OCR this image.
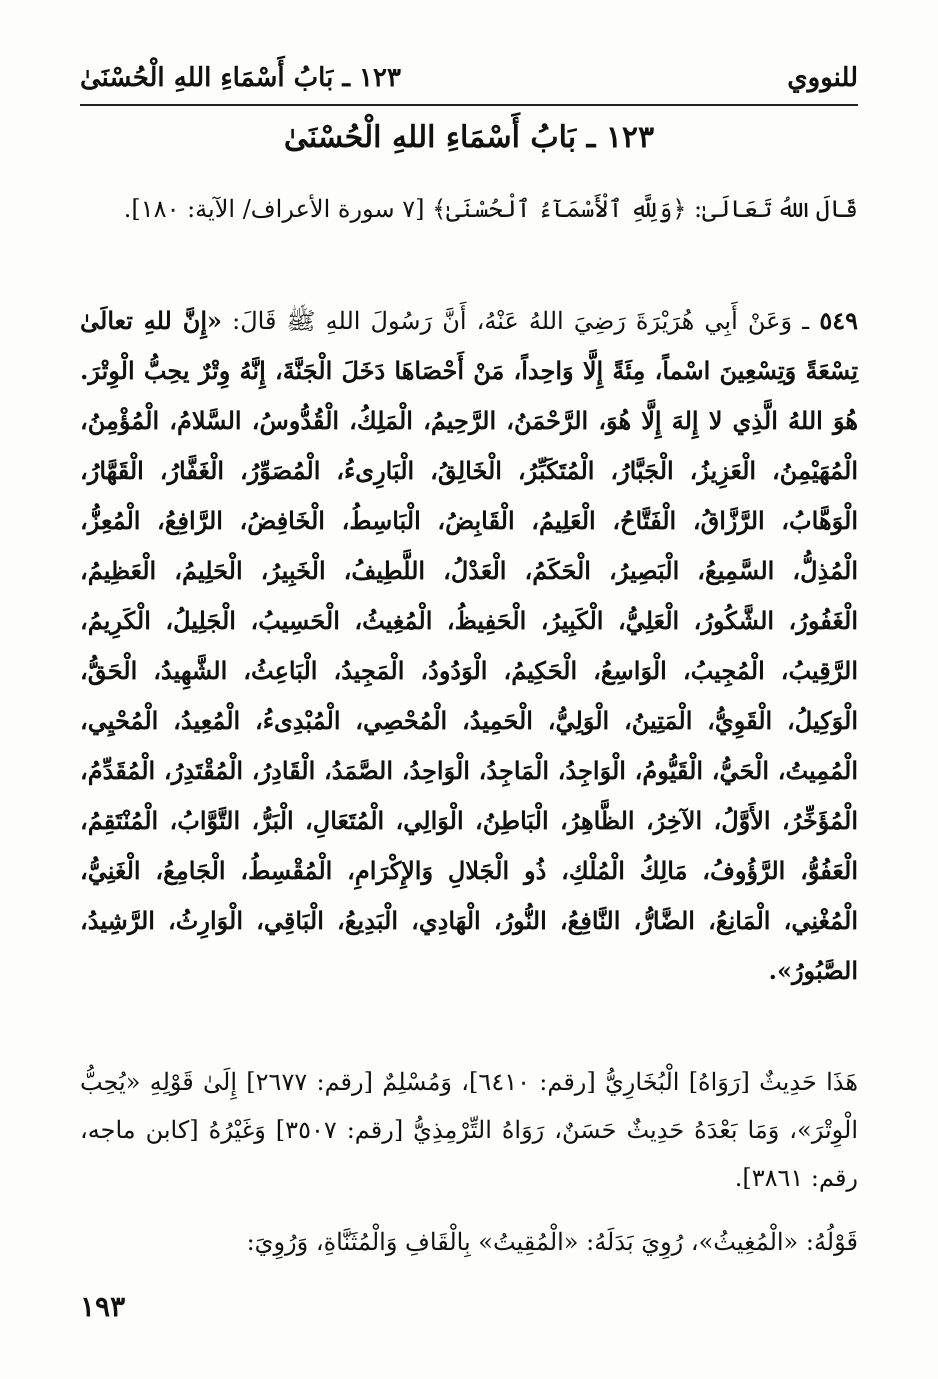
١٢٣ ـ بَابُ أَسْمَاءِ اللهِ الْحُسْنَىٰ	للنووي
١٢٣ ـ بَابُ أَسْمَاءِ اللهِ الْحُسْنَىٰ
قَالَ اللهُ تَعَالَىٰ: ﴿وَلِلَّهِ ٱلْأَسْمَآءُ ٱلْحُسْنَىٰ﴾ [٧ سورة الأعراف/ الآية: ١٨٠].
٥٤٩ ـ وَعَنْ أَبِي هُرَيْرَةَ رَضِيَ اللهُ عَنْهُ، أَنَّ رَسُولَ اللهِ ﷺ قَالَ: «إِنَّ للهِ تعالَىٰ تِسْعَةً وَتِسْعِينَ اسْماً، مِئَةً إِلَّا وَاحِداً، مَنْ أَحْصَاهَا دَخَلَ الْجَنَّةَ، إِنَّهُ وِتْرٌ يحِبُّ الْوِتْرَ. هُوَ اللهُ الَّذِي لا إِلهَ إِلَّا هُوَ، الرَّحْمَنُ، الرَّحِيمُ، الْمَلِكُ، الْقُدُّوسُ، السَّلامُ، الْمُؤْمِنُ، الْمُهَيْمِنُ، الْعَزِيزُ، الْجَبَّارُ، الْمُتَكَبِّرُ، الْخَالِقُ، الْبَارِىءُ، الْمُصَوِّرُ، الْغَفَّارُ، الْقَهَّارُ، الْوَهَّابُ، الرَّزَّاقُ، الْفَتَّاحُ، الْعَلِيمُ، الْقَابِضُ، الْبَاسِطُ، الْخَافِضُ، الرَّافِعُ، الْمُعِزُّ، الْمُذِلُّ، السَّمِيعُ، الْبَصِيرُ، الْحَكَمُ، الْعَدْلُ، اللَّطِيفُ، الْخَبِيرُ، الْحَلِيمُ، الْعَظِيمُ، الْغَفُورُ، الشَّكُورُ، الْعَلِيُّ، الْكَبِيرُ، الْحَفِيظُ، الْمُغِيثُ، الْحَسِيبُ، الْجَلِيلُ، الْكَرِيمُ، الرَّقِيبُ، الْمُجِيبُ، الْوَاسِعُ، الْحَكِيمُ، الْوَدُودُ، الْمَجِيدُ، الْبَاعِثُ، الشَّهِيدُ، الْحَقُّ، الْوَكِيلُ، الْقَوِيُّ، الْمَتِينُ، الْوَلِيُّ، الْحَمِيدُ، الْمُحْصِي، الْمُبْدِىءُ، الْمُعِيدُ، الْمُحْيِي، الْمُمِيتُ، الْحَيُّ، الْقَيُّومُ، الْوَاجِدُ، الْمَاجِدُ، الْوَاحِدُ، الصَّمَدُ، الْقَادِرُ، الْمُقْتَدِرُ، الْمُقَدِّمُ، الْمُؤَخِّرُ، الأَوَّلُ، الآخِرُ، الظَّاهِرُ، الْبَاطِنُ، الْوَالِي، الْمُتَعَالِ، الْبَرُّ، التَّوَّابُ، الْمُنْتَقِمُ، الْعَفُوُّ، الرَّؤُوفُ، مَالِكُ الْمُلْكِ، ذُو الْجَلالِ وَالإِكْرَامِ، الْمُقْسِطُ، الْجَامِعُ، الْغَنِيُّ، الْمُغْنِي، الْمَانِعُ، الضَّارُّ، النَّافِعُ، النُّورُ، الْهَادِي، الْبَدِيعُ، الْبَاقِي، الْوَارِثُ، الرَّشِيدُ، الصَّبُورُ».
هَذَا حَدِيثٌ [رَوَاهُ] الْبُخَارِيُّ [رقم: ٦٤١٠]، وَمُسْلِمٌ [رقم: ٢٦٧٧] إِلَىٰ قَوْلِهِ «يُحِبُّ الْوِتْرَ»، وَمَا بَعْدَهُ حَدِيثٌ حَسَنٌ، رَوَاهُ التِّرْمِذِيُّ [رقم: ٣٥٠٧] وَغَيْرُهُ [كابن ماجه، رقم: ٣٨٦١].
قَوْلُهُ: «الْمُغِيثُ»، رُوِيَ بَدَلَهُ: «الْمُقِيتُ» بِالْقَافِ وَالْمُثَنَّاةِ، وَرُوِيَ:
١٩٣
